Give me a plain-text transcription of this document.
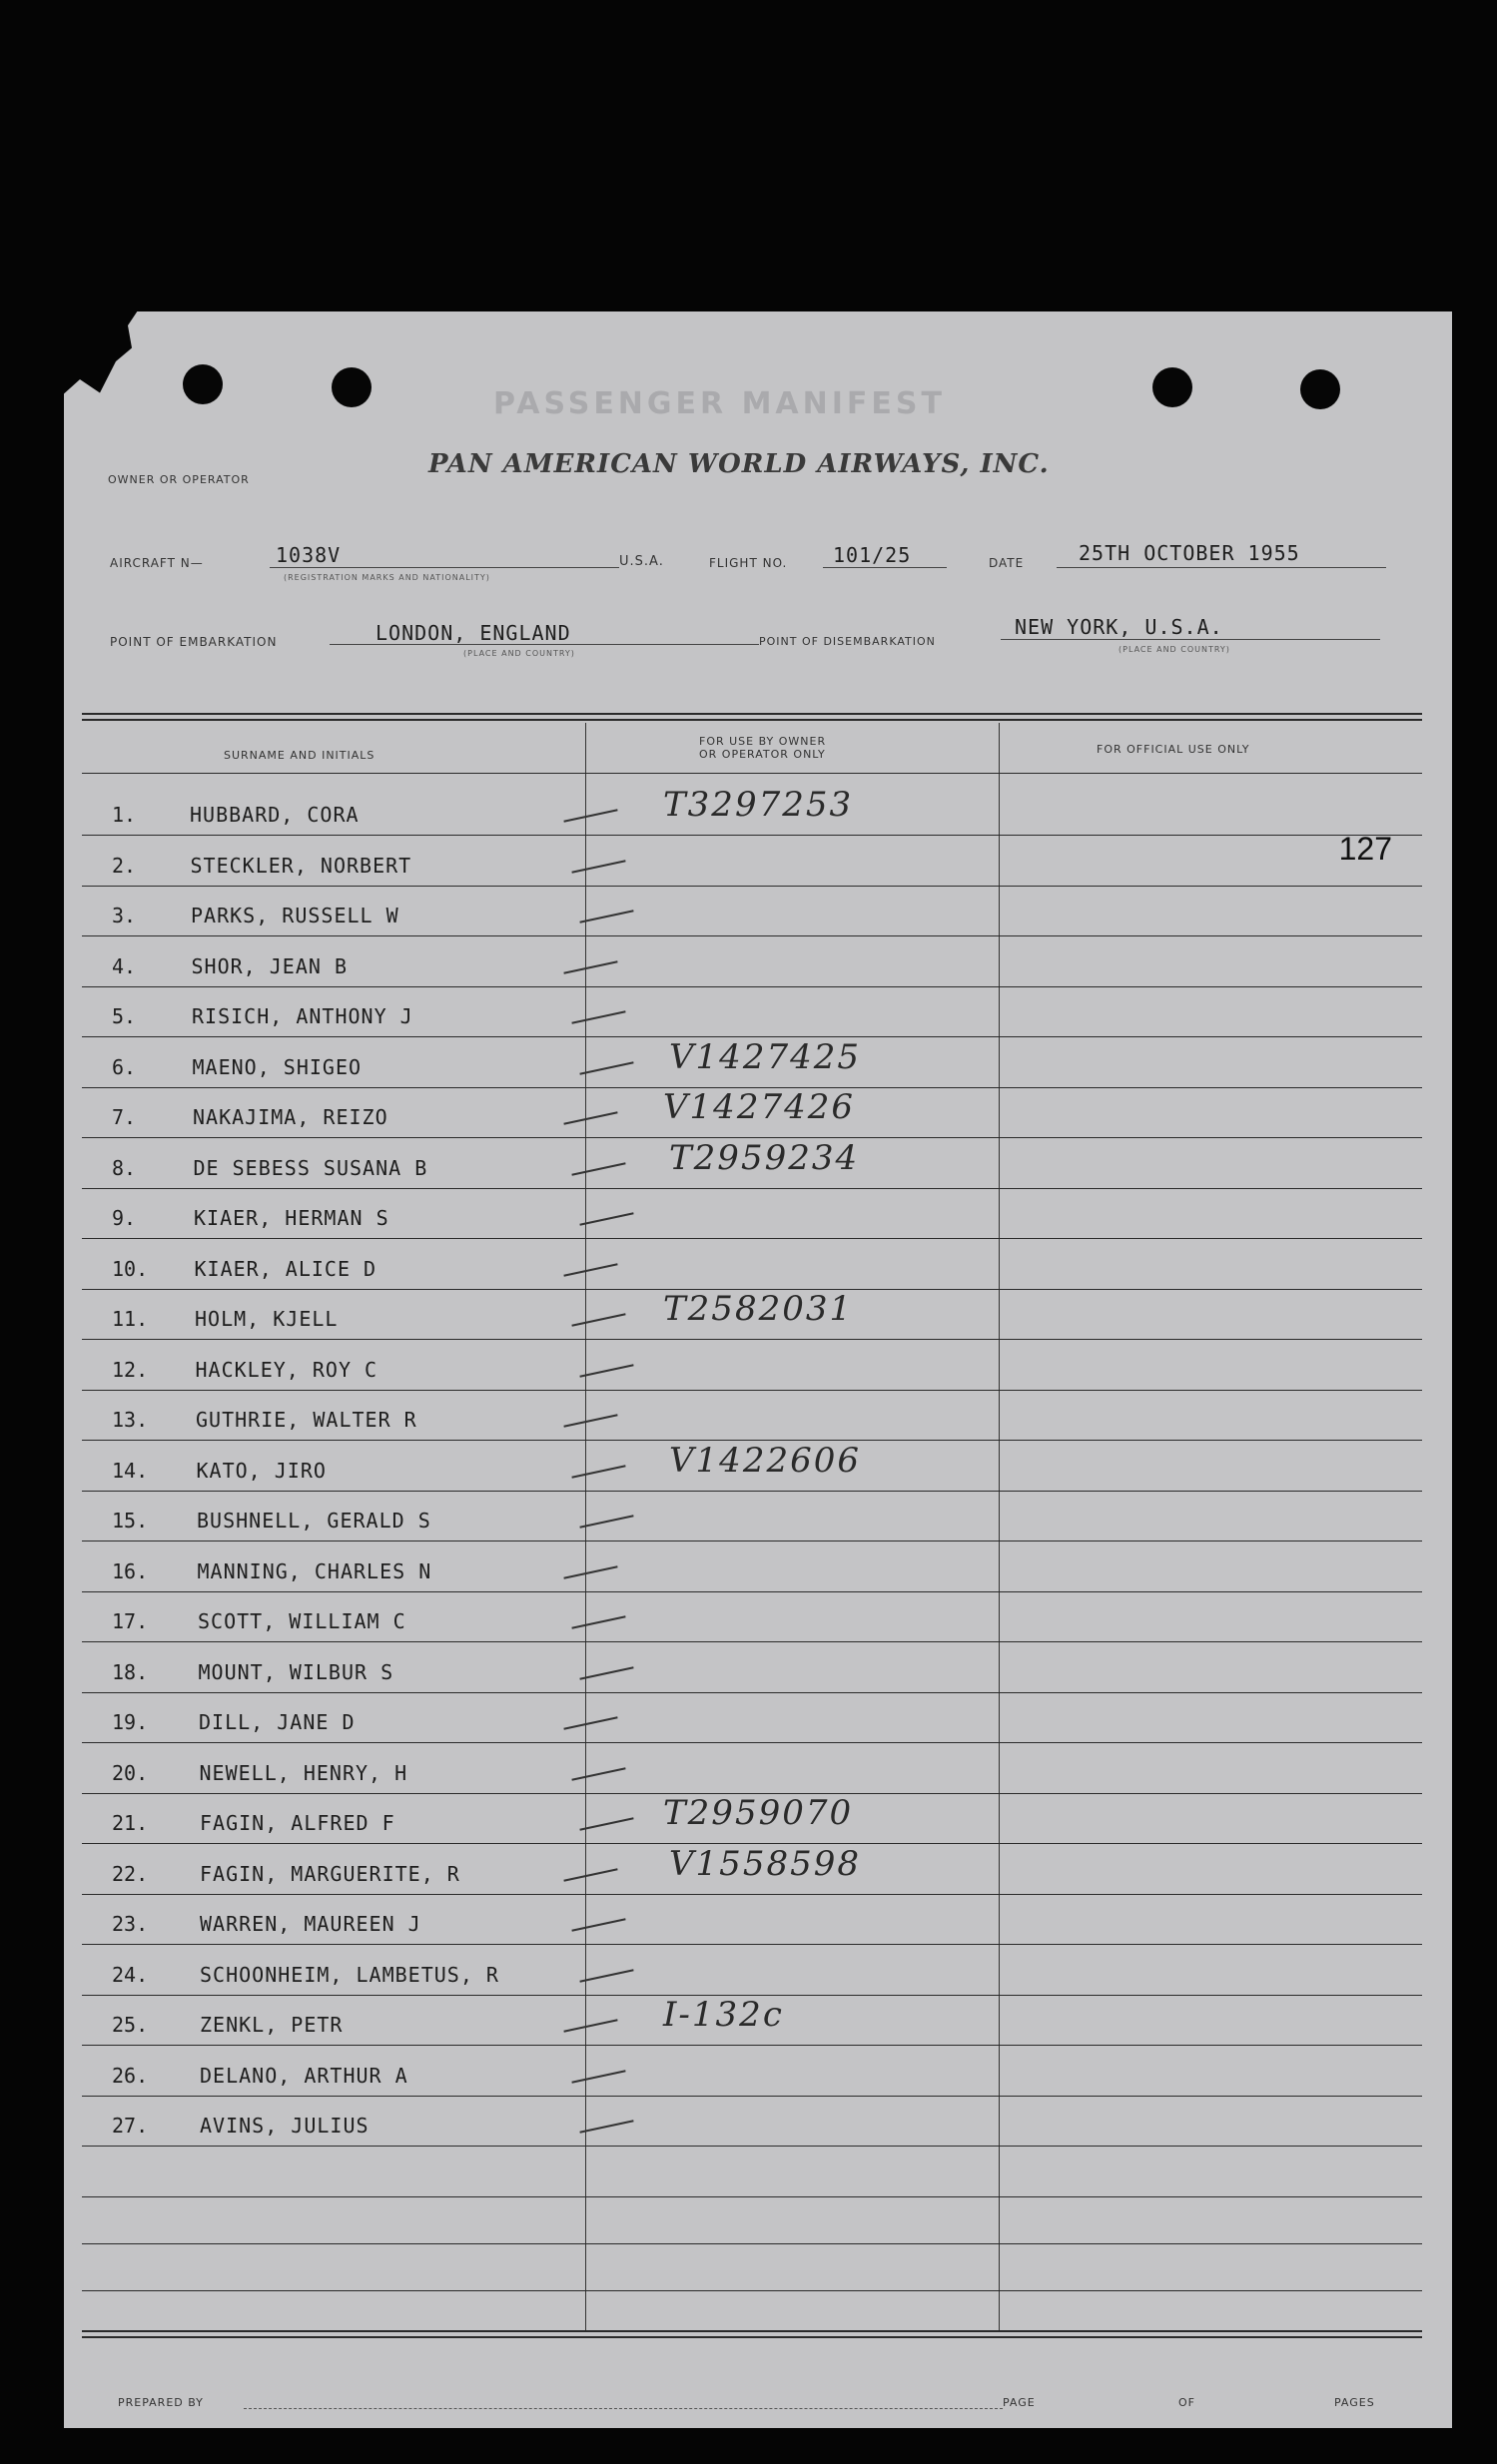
PASSENGER MANIFEST
OWNER OR OPERATOR
PAN AMERICAN WORLD AIRWAYS, INC.
AIRCRAFT N—	1038V
(REGISTRATION MARKS AND NATIONALITY)
U.S.A.	FLIGHT NO. 101/25	DATE	25TH OCTOBER 1955
POINT OF EMBARKATION	LONDON, ENGLAND
(PLACE AND COUNTRY)
POINT OF DISEMBARKATION
NEW YORK, U.S.A.
(PLACE AND COUNTRY)
SURNAME AND INITIALS
FOR USE BY OWNER
OR OPERATOR ONLY	FOR OFFICIAL USE ONLY
127
1.	HUBBARD, CORA	T3297253
2.	STECKLER, NORBERT
3.	PARKS, RUSSELL W
4.	SHOR, JEAN B
5.	RISICH, ANTHONY J
6.	MAENO, SHIGEO	V1427425
7.	NAKAJIMA, REIZO	V1427426
8.	DE SEBESS SUSANA B	T2959234
9.	KIAER, HERMAN S
10.	KIAER, ALICE D
11.	HOLM, KJELL	T2582031
12.	HACKLEY, ROY C
13.	GUTHRIE, WALTER R
14.	KATO, JIRO	V1422606
15.	BUSHNELL, GERALD S
16.	MANNING, CHARLES N
17.	SCOTT, WILLIAM C
18.	MOUNT, WILBUR S
19.	DILL, JANE D
20.	NEWELL, HENRY, H
21.	FAGIN, ALFRED F	T2959070
22.	FAGIN, MARGUERITE, R	V1558598
23.	WARREN, MAUREEN J
24.	SCHOONHEIM, LAMBETUS, R
25.	ZENKL, PETR	I-132c
26.	DELANO, ARTHUR A
27.	AVINS, JULIUS
PREPARED BY	PAGE	OF	PAGES
